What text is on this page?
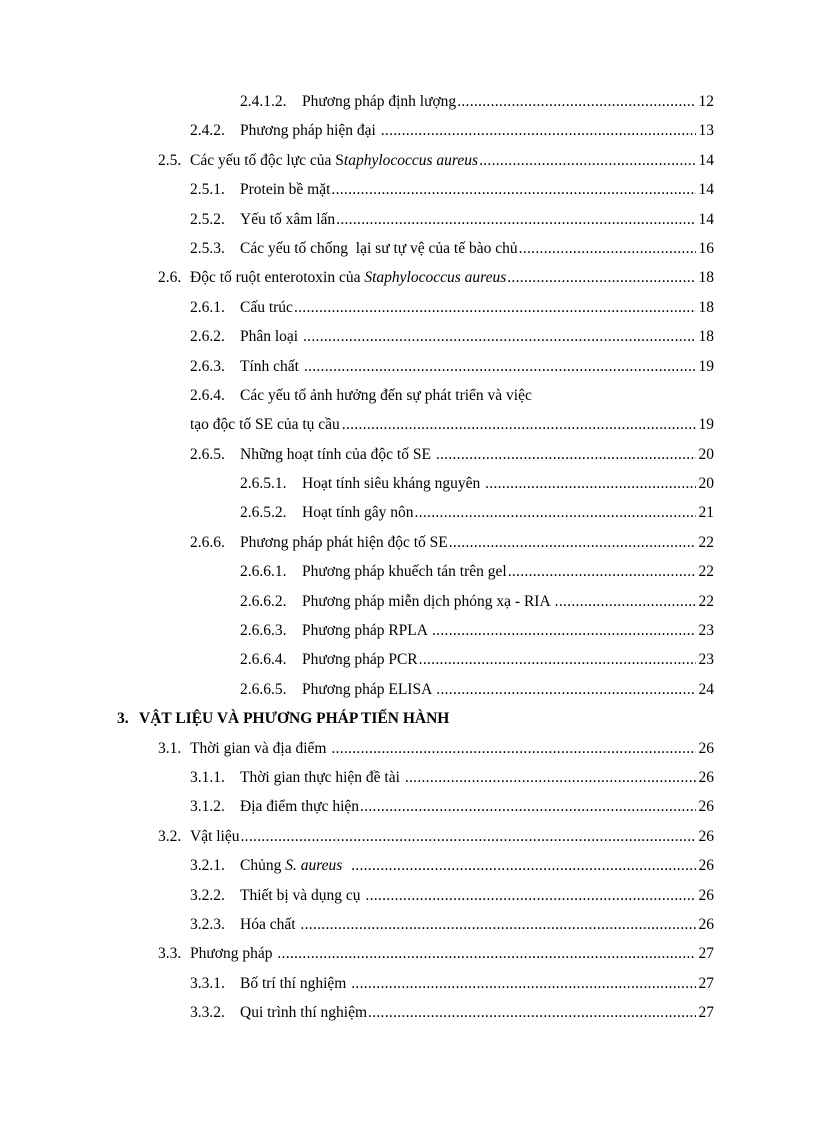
2.4.1.2.	Phương pháp định lượng .....	12
2.4.2. Phương pháp hiện đại .....	13
2.5. Các yếu tố độc lực của Staphylococcus aureus .....	14
2.5.1. Protein bề mặt .....	14
2.5.2. Yếu tố xâm lấn .....	14
2.5.3. Các yếu tố chống  lại sư tự vệ của tế bào chủ .....	16
2.6. Độc tố ruột enterotoxin của Staphylococcus aureus .....	18
2.6.1. Cấu trúc .....	18
2.6.2. Phân loại .....	18
2.6.3. Tính chất .....	19
2.6.4. Các yếu tố ảnh hưởng đến sự phát triển và việc
tạo độc tố SE của tụ cầu .....	19
2.6.5. Những hoạt tính của độc tố SE .....	20
2.6.5.1.	Hoạt tính siêu kháng nguyên .....	20
2.6.5.2.	Hoạt tính gây nôn .....	21
2.6.6. Phương pháp phát hiện độc tố SE .....	22
2.6.6.1.	Phương pháp khuếch tán trên gel .....	22
2.6.6.2.	Phương pháp miễn dịch phóng xạ - RIA .....	22
2.6.6.3.	Phương pháp RPLA .....	23
2.6.6.4.	Phương pháp PCR .....	23
2.6.6.5.	Phương pháp ELISA .....	24
3. VẬT LIỆU VÀ PHƯƠNG PHÁP TIẾN HÀNH
3.1. Thời gian và địa điểm .....	26
3.1.1. Thời gian thực hiện đề tài .....	26
3.1.2. Địa điểm thực hiện .....	26
3.2. Vật liệu .....	26
3.2.1. Chủng S. aureus .....	26
3.2.2. Thiết bị và dụng cụ .....	26
3.2.3. Hóa chất .....	26
3.3. Phương pháp .....	27
3.3.1. Bố trí thí nghiệm .....	27
3.3.2. Qui trình thí nghiệm .....	27
